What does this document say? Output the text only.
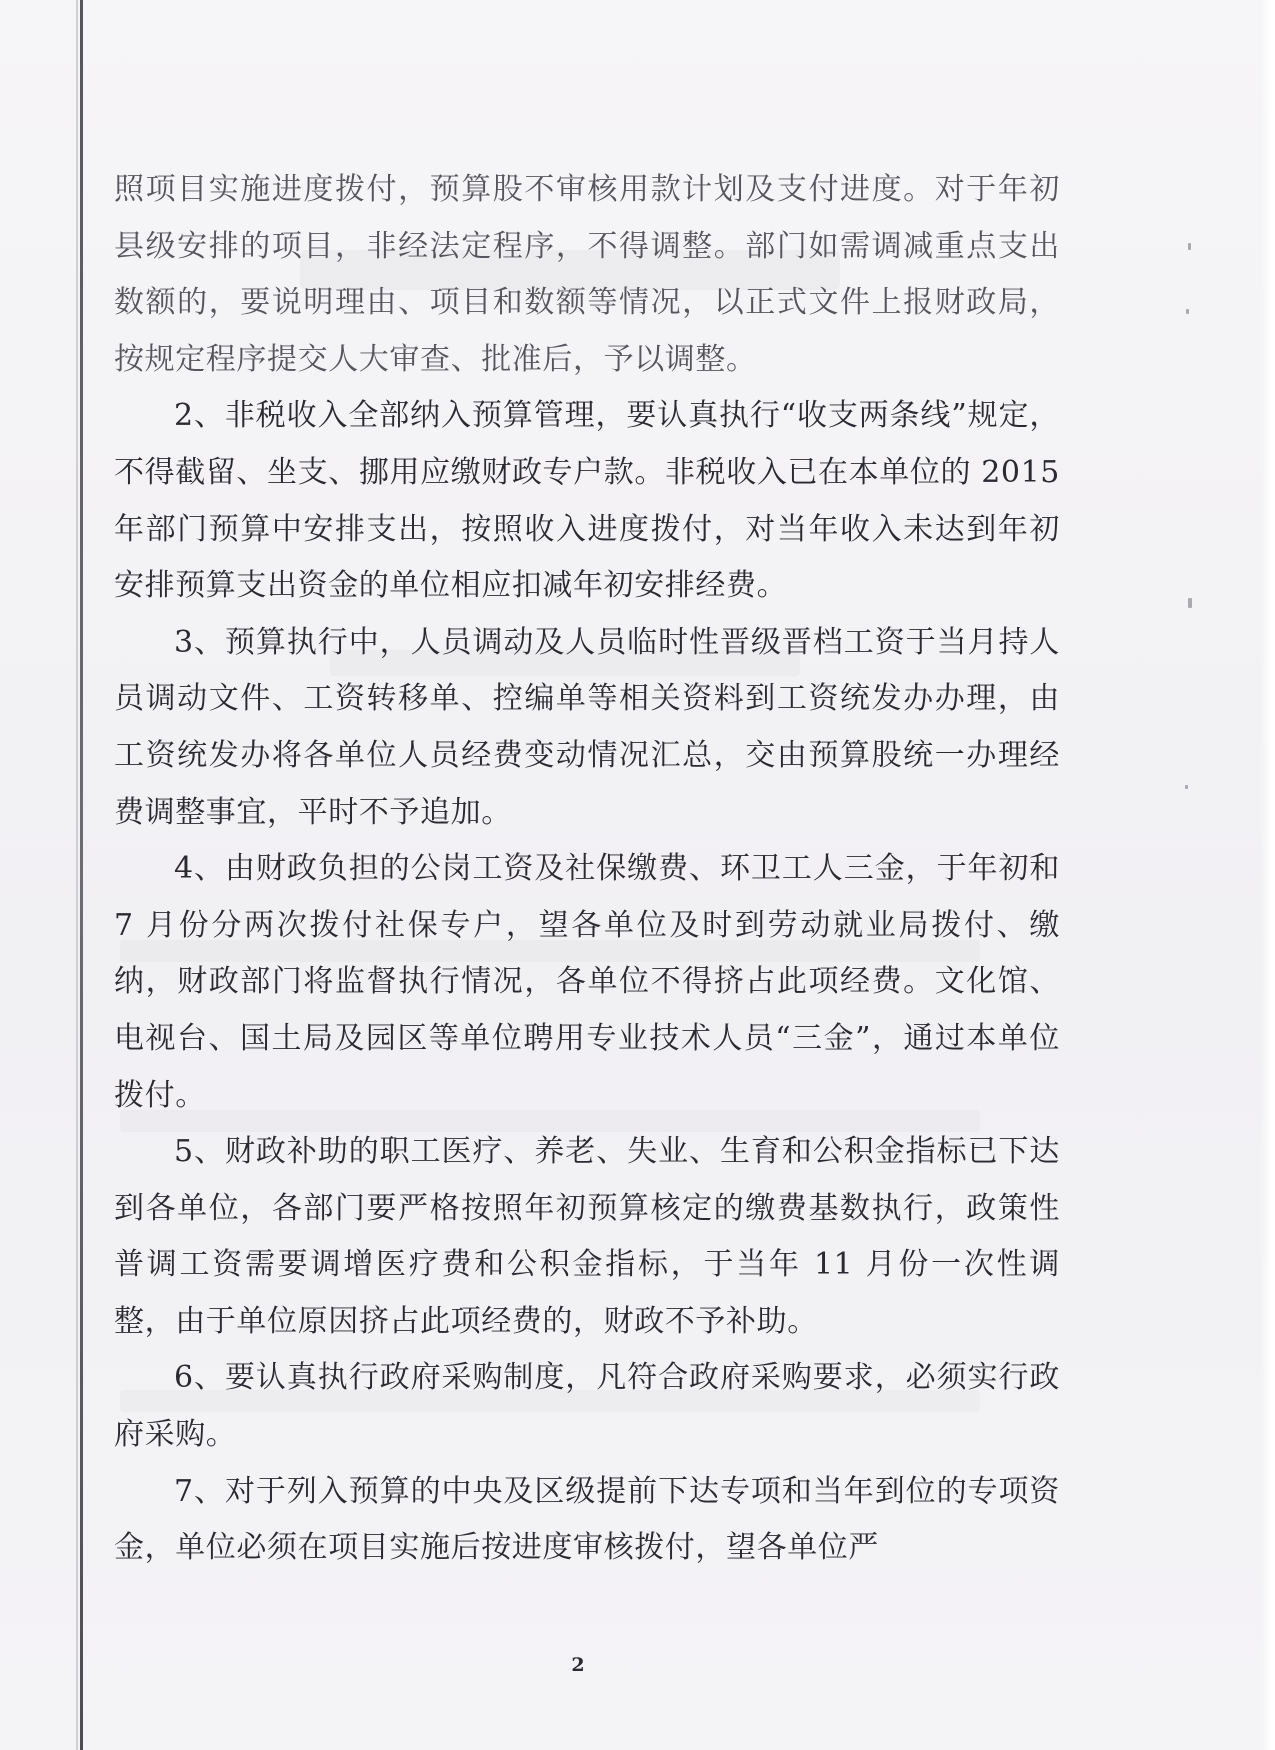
照项目实施进度拨付，预算股不审核用款计划及支付进度。对于年初县级安排的项目，非经法定程序，不得调整。部门如需调减重点支出数额的，要说明理由、项目和数额等情况，以正式文件上报财政局，按规定程序提交人大审查、批准后，予以调整。

2、非税收入全部纳入预算管理，要认真执行“收支两条线”规定，不得截留、坐支、挪用应缴财政专户款。非税收入已在本单位的 2015 年部门预算中安排支出，按照收入进度拨付，对当年收入未达到年初安排预算支出资金的单位相应扣减年初安排经费。

3、预算执行中，人员调动及人员临时性晋级晋档工资于当月持人员调动文件、工资转移单、控编单等相关资料到工资统发办办理，由工资统发办将各单位人员经费变动情况汇总，交由预算股统一办理经费调整事宜，平时不予追加。

4、由财政负担的公岗工资及社保缴费、环卫工人三金，于年初和 7 月份分两次拨付社保专户，望各单位及时到劳动就业局拨付、缴纳，财政部门将监督执行情况，各单位不得挤占此项经费。文化馆、电视台、国土局及园区等单位聘用专业技术人员“三金”，通过本单位拨付。

5、财政补助的职工医疗、养老、失业、生育和公积金指标已下达到各单位，各部门要严格按照年初预算核定的缴费基数执行，政策性普调工资需要调增医疗费和公积金指标，于当年 11 月份一次性调整，由于单位原因挤占此项经费的，财政不予补助。

6、要认真执行政府采购制度，凡符合政府采购要求，必须实行政府采购。

7、对于列入预算的中央及区级提前下达专项和当年到位的专项资金，单位必须在项目实施后按进度审核拨付，望各单位严

2
